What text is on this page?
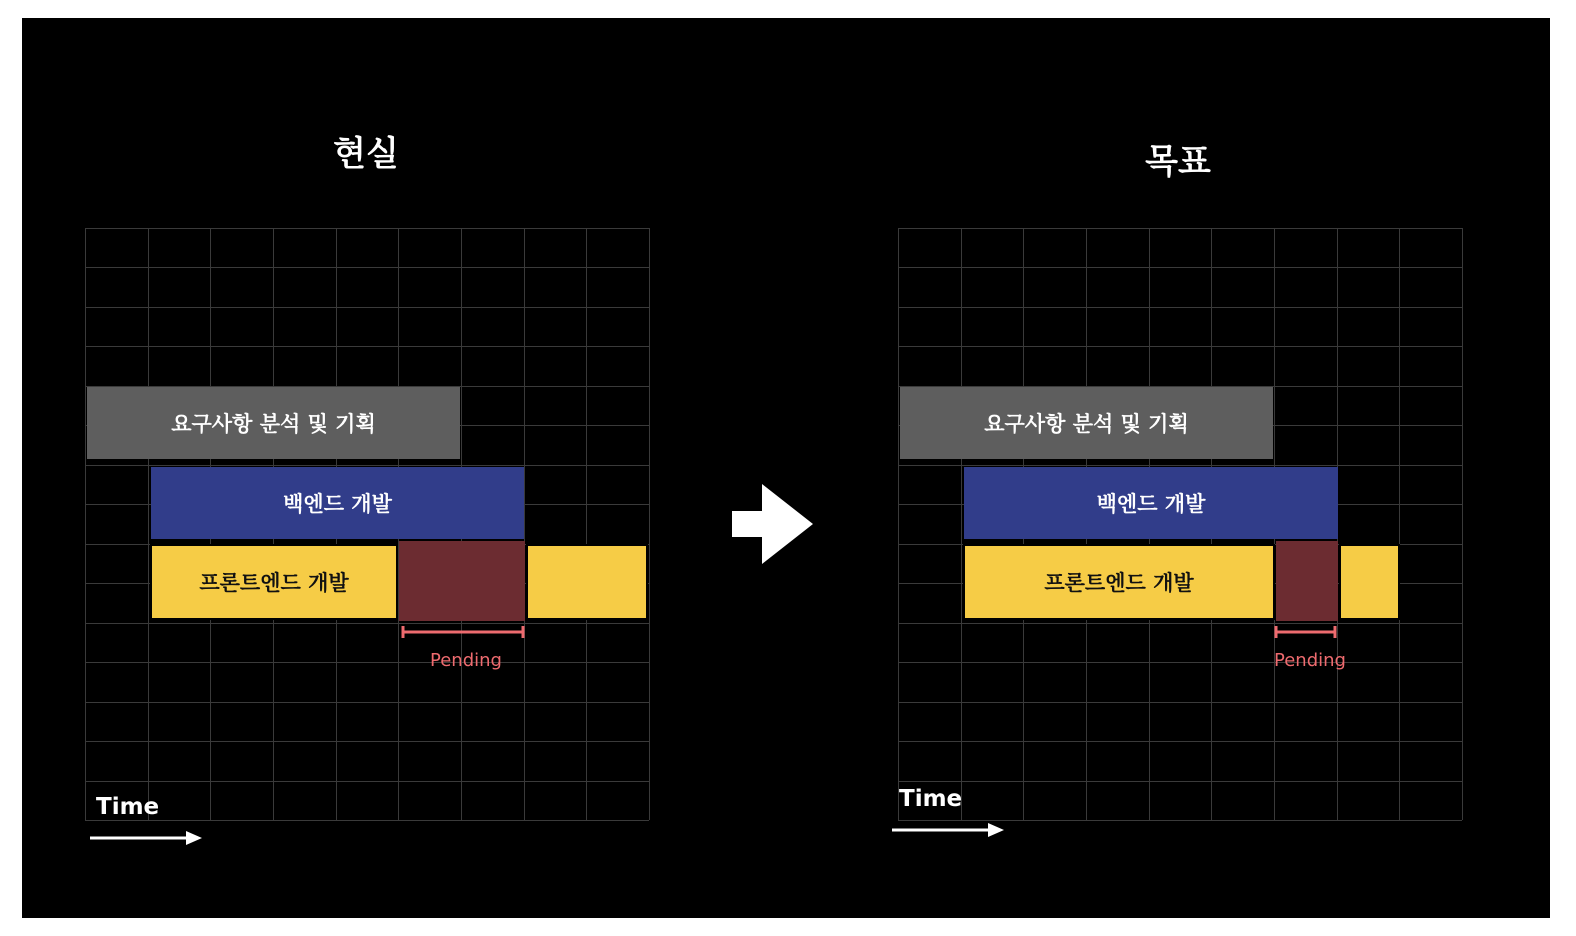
현실	목표
요구사항 분석 및 기획
백엔드 개발
프론트엔드 개발
Pending
Time
요구사항 분석 및 기획
백엔드 개발
프론트엔드 개발
Pending
Time
